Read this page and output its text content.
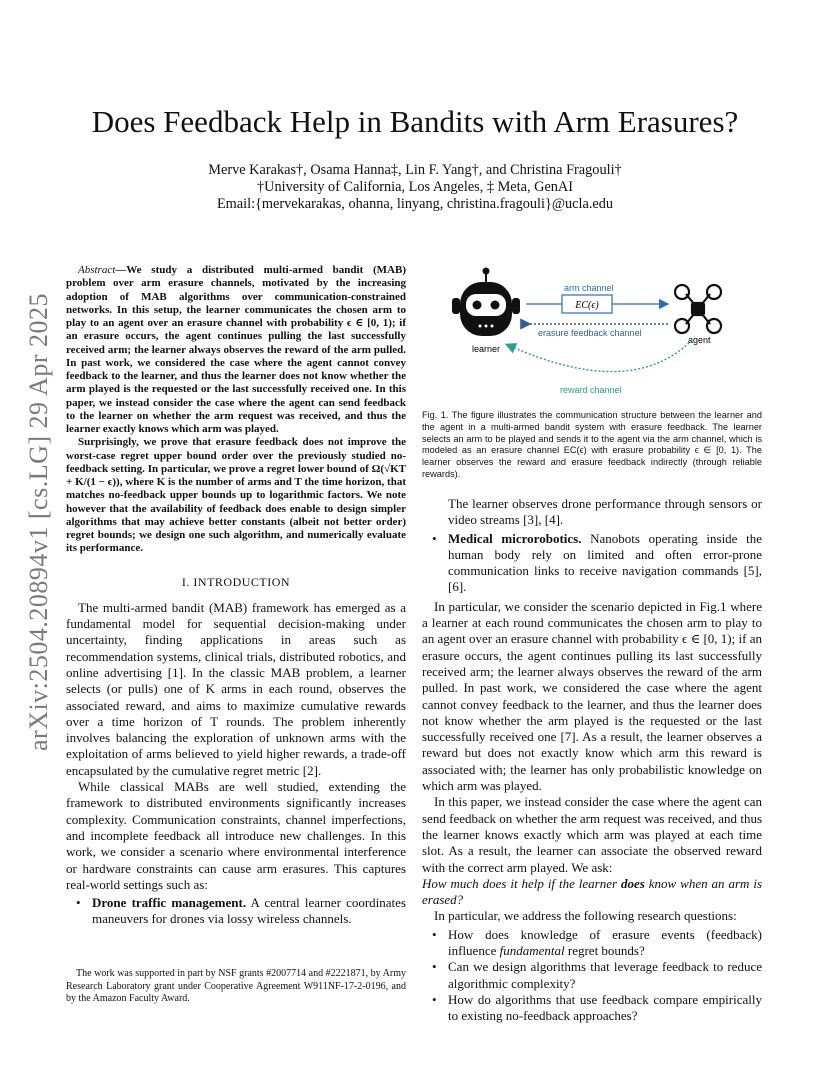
arXiv:2504.20894v1 [cs.LG] 29 Apr 2025
Does Feedback Help in Bandits with Arm Erasures?
Merve Karakas†, Osama Hanna‡, Lin F. Yang†, and Christina Fragouli†
†University of California, Los Angeles, ‡ Meta, GenAI
Email:{mervekarakas, ohanna, linyang, christina.fragouli}@ucla.edu

Abstract—We study a distributed multi-armed bandit (MAB) problem over arm erasure channels, motivated by the increasing adoption of MAB algorithms over communication-constrained networks. In this setup, the learner communicates the chosen arm to play to an agent over an erasure channel with probability ϵ ∈ [0, 1); if an erasure occurs, the agent continues pulling the last successfully received arm; the learner always observes the reward of the arm pulled. In past work, we considered the case where the agent cannot convey feedback to the learner, and thus the learner does not know whether the arm played is the requested or the last successfully received one. In this paper, we instead consider the case where the agent can send feedback to the learner on whether the arm request was received, and thus the learner exactly knows which arm was played.

Surprisingly, we prove that erasure feedback does not improve the worst-case regret upper bound order over the previously studied no-feedback setting. In particular, we prove a regret lower bound of Ω(√KT + K/(1 − ϵ)), where K is the number of arms and T the time horizon, that matches no-feedback upper bounds up to logarithmic factors. We note however that the availability of feedback does enable to design simpler algorithms that may achieve better constants (albeit not better order) regret bounds; we design one such algorithm, and numerically evaluate its performance.

I. INTRODUCTION

The multi-armed bandit (MAB) framework has emerged as a fundamental model for sequential decision-making under uncertainty, finding applications in areas such as recommendation systems, clinical trials, distributed robotics, and online advertising [1]. In the classic MAB problem, a learner selects (or pulls) one of K arms in each round, observes the associated reward, and aims to maximize cumulative rewards over a time horizon of T rounds. The problem inherently involves balancing the exploration of unknown arms with the exploitation of arms believed to yield higher rewards, a trade-off encapsulated by the cumulative regret metric [2].

While classical MABs are well studied, extending the framework to distributed environments significantly increases complexity. Communication constraints, channel imperfections, and incomplete feedback all introduce new challenges. In this work, we consider a scenario where environmental interference or hardware constraints can cause arm erasures. This captures real-world settings such as:

• Drone traffic management. A central learner coordinates maneuvers for drones via lossy wireless channels.

The work was supported in part by NSF grants #2007714 and #2221871, by Army Research Laboratory grant under Cooperative Agreement W911NF-17-2-0196, and by the Amazon Faculty Award.

learner
arm channel
EC(ϵ)
erasure feedback channel
agent
reward channel
Fig. 1. The figure illustrates the communication structure between the learner and the agent in a multi-armed bandit system with erasure feedback. The learner selects an arm to be played and sends it to the agent via the arm channel, which is modeled as an erasure channel EC(ϵ) with erasure probability ϵ ∈ [0, 1). The learner observes the reward and erasure feedback indirectly (through reliable rewards).

The learner observes drone performance through sensors or video streams [3], [4].

• Medical microrobotics. Nanobots operating inside the human body rely on limited and often error-prone communication links to receive navigation commands [5], [6].

In particular, we consider the scenario depicted in Fig.1 where a learner at each round communicates the chosen arm to play to an agent over an erasure channel with probability ϵ ∈ [0, 1); if an erasure occurs, the agent continues pulling its last successfully received arm; the learner always observes the reward of the arm pulled. In past work, we considered the case where the agent cannot convey feedback to the learner, and thus the learner does not know whether the arm played is the requested or the last successfully received one [7]. As a result, the learner observes a reward but does not exactly know which arm this reward is associated with; the learner has only probabilistic knowledge on which arm was played.

In this paper, we instead consider the case where the agent can send feedback on whether the arm request was received, and thus the learner knows exactly which arm was played at each time slot. As a result, the learner can associate the observed reward with the correct arm played. We ask:

How much does it help if the learner does know when an arm is erased?

In particular, we address the following research questions:

• How does knowledge of erasure events (feedback) influence fundamental regret bounds?
• Can we design algorithms that leverage feedback to reduce algorithmic complexity?
• How do algorithms that use feedback compare empirically to existing no-feedback approaches?
